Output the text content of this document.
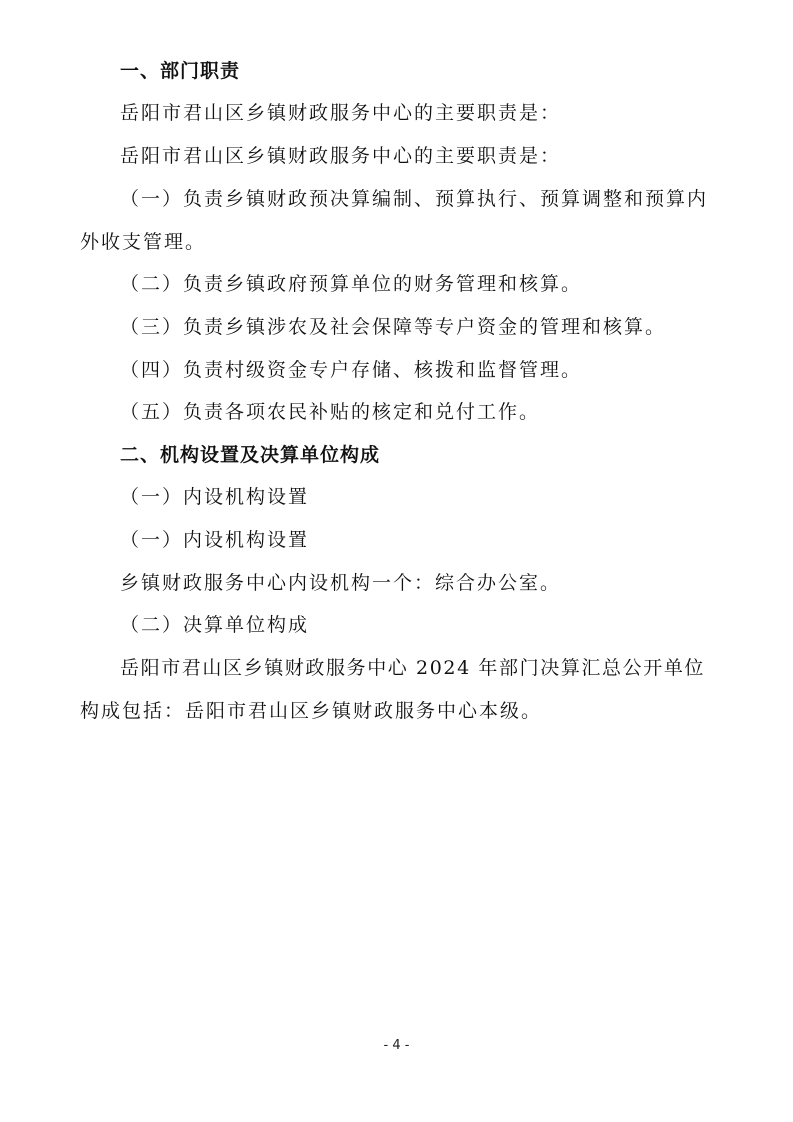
一、部门职责
岳阳市君山区乡镇财政服务中心的主要职责是：
岳阳市君山区乡镇财政服务中心的主要职责是：
（一）负责乡镇财政预决算编制、预算执行、预算调整和预算内
外收支管理。
（二）负责乡镇政府预算单位的财务管理和核算。
（三）负责乡镇涉农及社会保障等专户资金的管理和核算。
（四）负责村级资金专户存储、核拨和监督管理。
（五）负责各项农民补贴的核定和兑付工作。
二、机构设置及决算单位构成
（一）内设机构设置
（一）内设机构设置
乡镇财政服务中心内设机构一个：综合办公室。
（二）决算单位构成
岳阳市君山区乡镇财政服务中心 2024 年部门决算汇总公开单位
构成包括：岳阳市君山区乡镇财政服务中心本级。
- 4 -
